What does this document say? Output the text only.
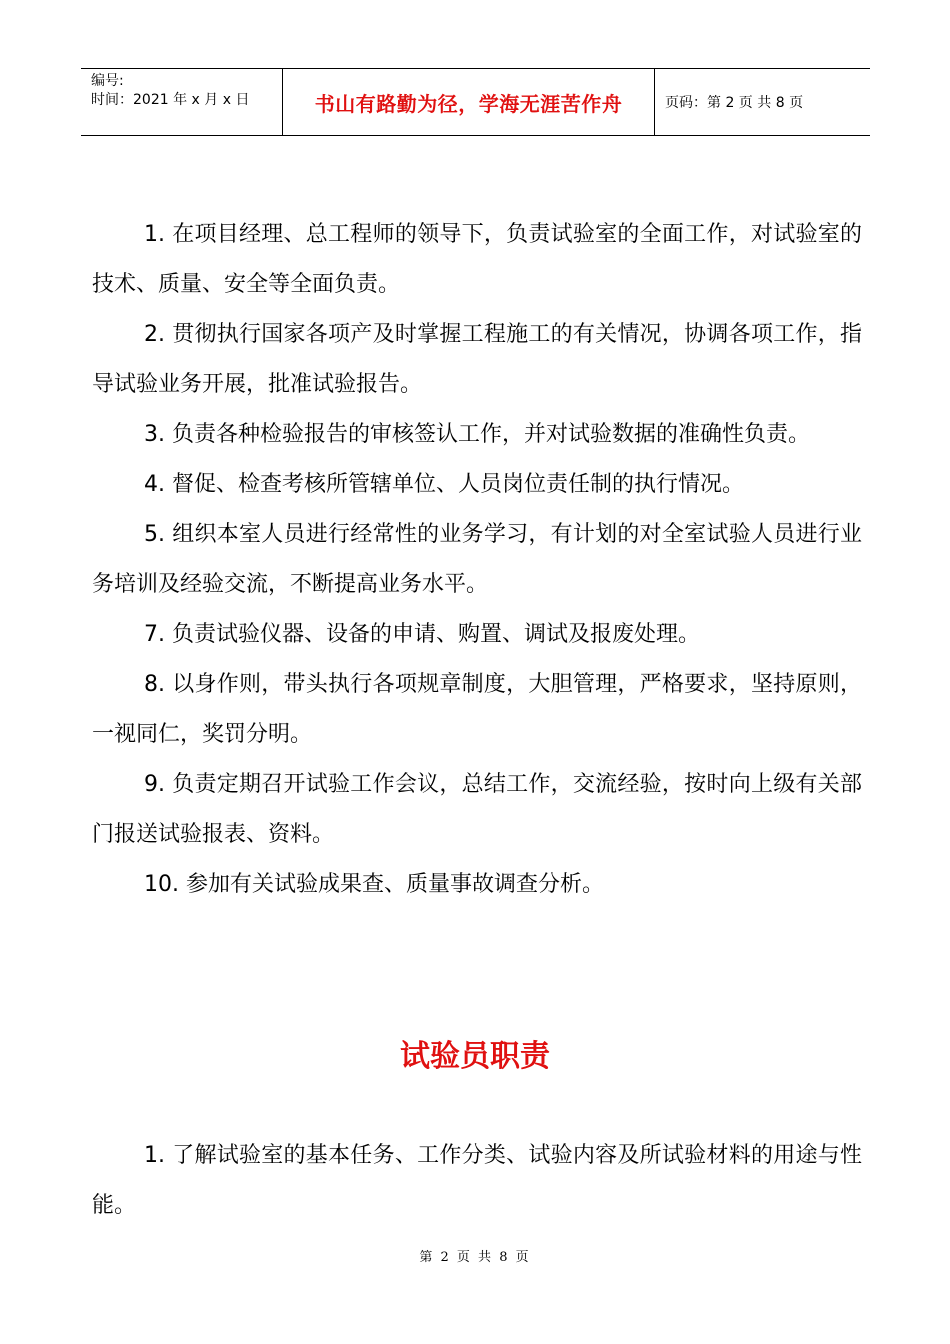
编号:
时间：2021 年 x 月 x 日	书山有路勤为径，学海无涯苦作舟	页码：第 2 页 共 8 页

1. 在项目经理、总工程师的领导下，负责试验室的全面工作，对试验室的技术、质量、安全等全面负责。

2. 贯彻执行国家各项产及时掌握工程施工的有关情况，协调各项工作，指导试验业务开展，批准试验报告。

3. 负责各种检验报告的审核签认工作，并对试验数据的准确性负责。

4. 督促、检查考核所管辖单位、人员岗位责任制的执行情况。

5. 组织本室人员进行经常性的业务学习，有计划的对全室试验人员进行业务培训及经验交流，不断提高业务水平。

7. 负责试验仪器、设备的申请、购置、调试及报废处理。

8. 以身作则，带头执行各项规章制度，大胆管理，严格要求，坚持原则，一视同仁，奖罚分明。

9. 负责定期召开试验工作会议，总结工作，交流经验，按时向上级有关部门报送试验报表、资料。

10. 参加有关试验成果查、质量事故调查分析。

试验员职责

1. 了解试验室的基本任务、工作分类、试验内容及所试验材料的用途与性能。

第 2 页 共 8 页
